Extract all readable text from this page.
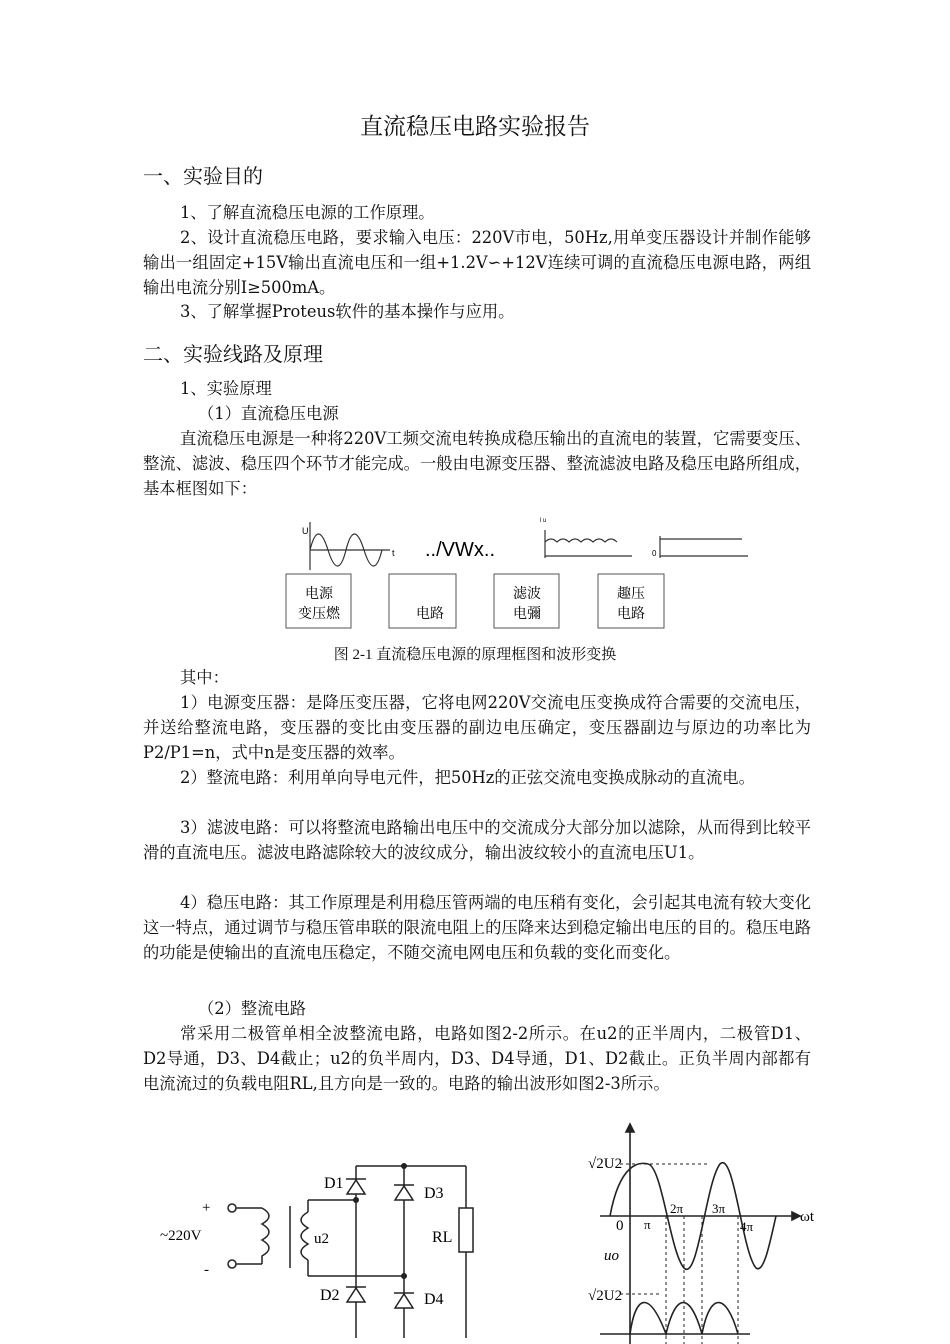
直流稳压电路实验报告
一、实验目的
1、了解直流稳压电源的工作原理。
2、设计直流稳压电路，要求输入电压：220V市电，50Hz,用单变压器设计并制作能够输出一组固定+15V输出直流电压和一组+1.2V∽+12V连续可调的直流稳压电源电路，两组输出电流分别I≥500mA。
3、了解掌握Proteus软件的基本操作与应用。
二、实验线路及原理
1、实验原理
（1）直流稳压电源
直流稳压电源是一种将220V工频交流电转换成稳压输出的直流电的装置，它需要变压、整流、滤波、稳压四个环节才能完成。一般由电源变压器、整流滤波电路及稳压电路所组成，基本框图如下：
U
t ../VWx..
l u
0
电源
变压燃	电路
滤波
电彌
趣压
电路
图 2-1 直流稳压电源的原理框图和波形变换
其中：
1）电源变压器：是降压变压器，它将电网220V交流电压变换成符合需要的交流电压，并送给整流电路，变压器的变比由变压器的副边电压确定，变压器副边与原边的功率比为P2/P1=n，式中n是变压器的效率。
2）整流电路：利用单向导电元件，把50Hz的正弦交流电变换成脉动的直流电。
3）滤波电路：可以将整流电路输出电压中的交流成分大部分加以滤除，从而得到比较平滑的直流电压。滤波电路滤除较大的波纹成分，输出波纹较小的直流电压U1。
4）稳压电路：其工作原理是利用稳压管两端的电压稍有变化，会引起其电流有较大变化这一特点，通过调节与稳压管串联的限流电阻上的压降来达到稳定输出电压的目的。稳压电路的功能是使输出的直流电压稳定，不随交流电网电压和负载的变化而变化。
（2）整流电路
常采用二极管单相全波整流电路，电路如图2-2所示。在u2的正半周内，二极管D1、D2导通，D3、D4截止；u2的负半周内，D3、D4导通，D1、D2截止。正负半周内部都有电流流过的负载电阻RL,且方向是一致的。电路的输出波形如图2-3所示。
+
-
~220V	u2
D1
D3
D2	D4
RL
√2U2
ωt
0 π
2π 3π
4π
uo
√2U2
